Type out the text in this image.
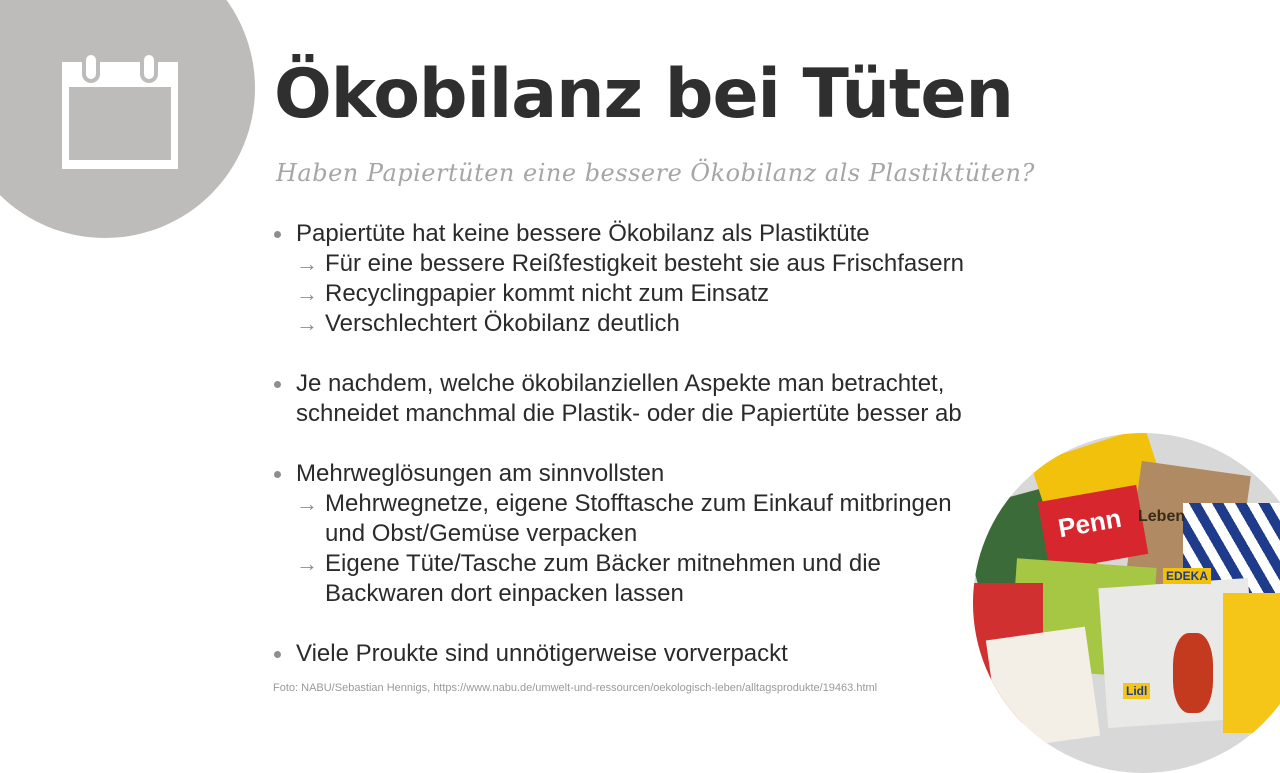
Ökobilanz bei Tüten
Haben Papiertüten eine bessere Ökobilanz als Plastiktüten?
Papiertüte hat keine bessere Ökobilanz als Plastiktüte
→ Für eine bessere Reißfestigkeit besteht sie aus Frischfasern
→ Recyclingpapier kommt nicht zum Einsatz
→ Verschlechtert Ökobilanz deutlich
Je nachdem, welche ökobilanziellen Aspekte man betrachtet,
schneidet manchmal die Plastik- oder die Papiertüte besser ab
Mehrweglösungen am sinnvollsten
→ Mehrwegnetze, eigene Stofftasche zum Einkauf mitbringen
und Obst/Gemüse verpacken
→ Eigene Tüte/Tasche zum Bäcker mitnehmen und die
Backwaren dort einpacken lassen
Viele Proukte sind unnötigerweise vorverpackt
Foto: NABU/Sebastian Hennigs, https://www.nabu.de/umwelt-und-ressourcen/oekologisch-leben/alltagsprodukte/19463.html
Penn Leben
EDEKA
Lidl
